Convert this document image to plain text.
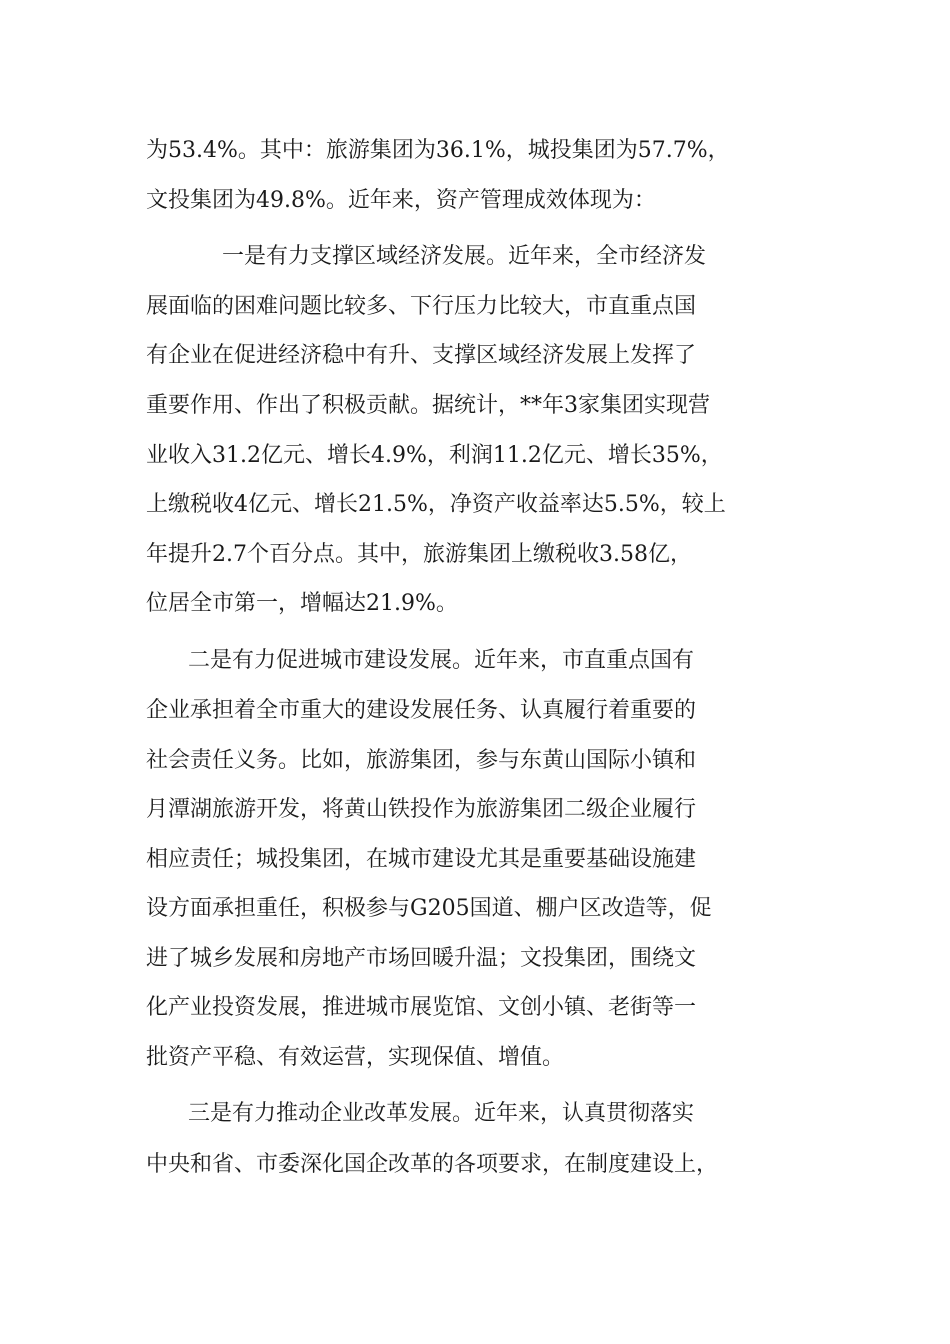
为53.4%。其中：旅游集团为36.1%，城投集团为57.7%，

文投集团为49.8%。近年来，资产管理成效体现为：

一是有力支撑区域经济发展。近年来，全市经济发

展面临的困难问题比较多、下行压力比较大，市直重点国

有企业在促进经济稳中有升、支撑区域经济发展上发挥了

重要作用、作出了积极贡献。据统计，**年3家集团实现营

业收入31.2亿元、增长4.9%，利润11.2亿元、增长35%，

上缴税收4亿元、增长21.5%，净资产收益率达5.5%，较上

年提升2.7个百分点。其中，旅游集团上缴税收3.58亿，

位居全市第一，增幅达21.9%。

二是有力促进城市建设发展。近年来，市直重点国有

企业承担着全市重大的建设发展任务、认真履行着重要的

社会责任义务。比如，旅游集团，参与东黄山国际小镇和

月潭湖旅游开发，将黄山铁投作为旅游集团二级企业履行

相应责任；城投集团，在城市建设尤其是重要基础设施建

设方面承担重任，积极参与G205国道、棚户区改造等，促

进了城乡发展和房地产市场回暖升温；文投集团，围绕文

化产业投资发展，推进城市展览馆、文创小镇、老街等一

批资产平稳、有效运营，实现保值、增值。

三是有力推动企业改革发展。近年来，认真贯彻落实

中央和省、市委深化国企改革的各项要求，在制度建设上，
